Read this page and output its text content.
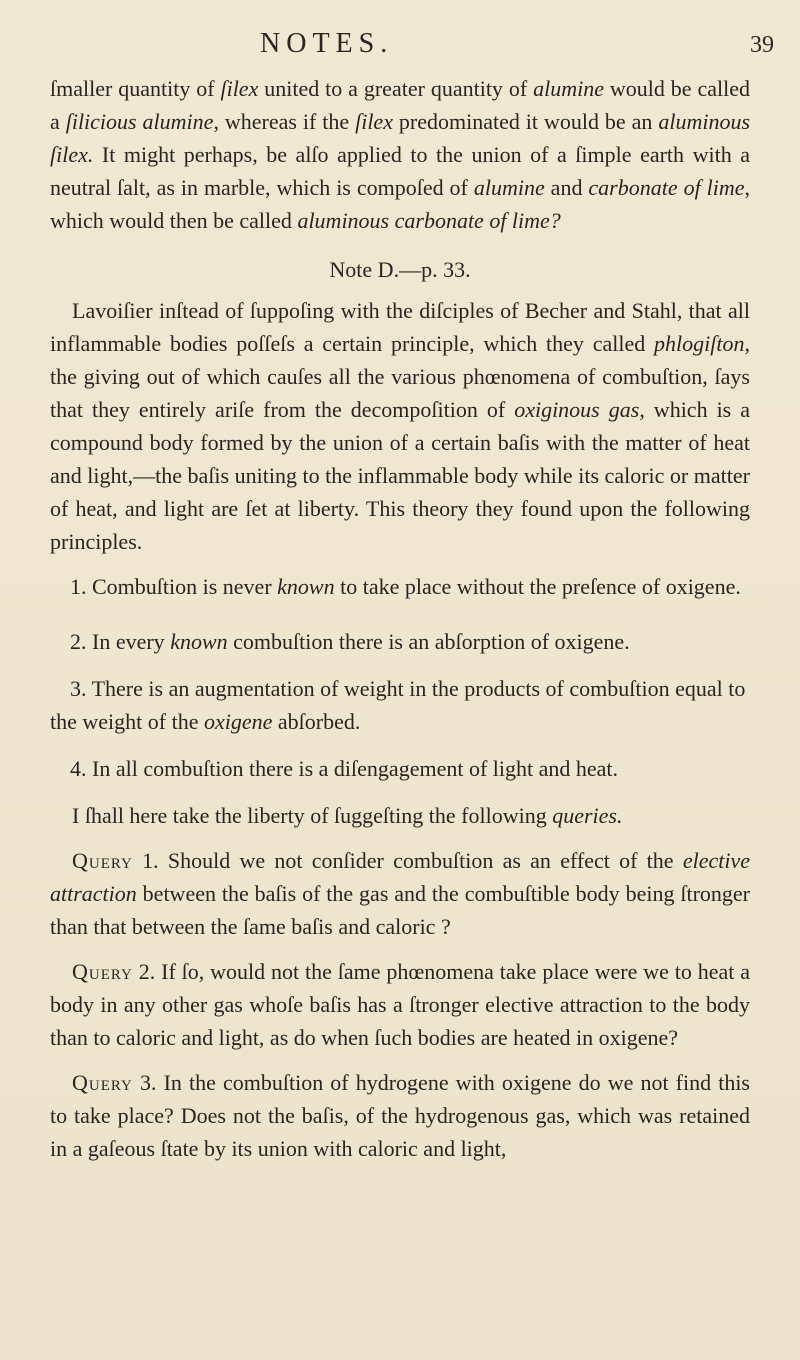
NOTES.	39

ſmaller quantity of ſilex united to a greater quantity of alumine would be called a ſilicious alumine, whereas if the ſilex predominated it would be an aluminous ſilex. It might perhaps, be alſo applied to the union of a ſimple earth with a neutral ſalt, as in marble, which is compoſed of alumine and carbonate of lime, which would then be called aluminous carbonate of lime?

Note D.—p. 33.

Lavoiſier inſtead of ſuppoſing with the diſciples of Becher and Stahl, that all inflammable bodies poſſeſs a certain principle, which they called phlogiſton, the giving out of which cauſes all the various phœnomena of combuſtion, ſays that they entirely ariſe from the decompoſition of oxiginous gas, which is a compound body formed by the union of a certain baſis with the matter of heat and light,—the baſis uniting to the inflammable body while its caloric or matter of heat, and light are ſet at liberty. This theory they found upon the following principles.

1. Combuſtion is never known to take place without the preſence of oxigene.

2. In every known combuſtion there is an abſorption of oxigene.

3. There is an augmentation of weight in the products of combuſtion equal to the weight of the oxigene abſorbed.

4. In all combuſtion there is a diſengagement of light and heat.

I ſhall here take the liberty of ſuggeſting the following queries.

Query 1. Should we not conſider combuſtion as an effect of the elective attraction between the baſis of the gas and the combuſtible body being ſtronger than that between the ſame baſis and caloric ?

Query 2. If ſo, would not the ſame phœnomena take place were we to heat a body in any other gas whoſe baſis has a ſtronger elective attraction to the body than to caloric and light, as do when ſuch bodies are heated in oxigene?

Query 3. In the combuſtion of hydrogene with oxigene do we not find this to take place? Does not the baſis, of the hydrogenous gas, which was retained in a gaſeous ſtate by its union with caloric and light,
